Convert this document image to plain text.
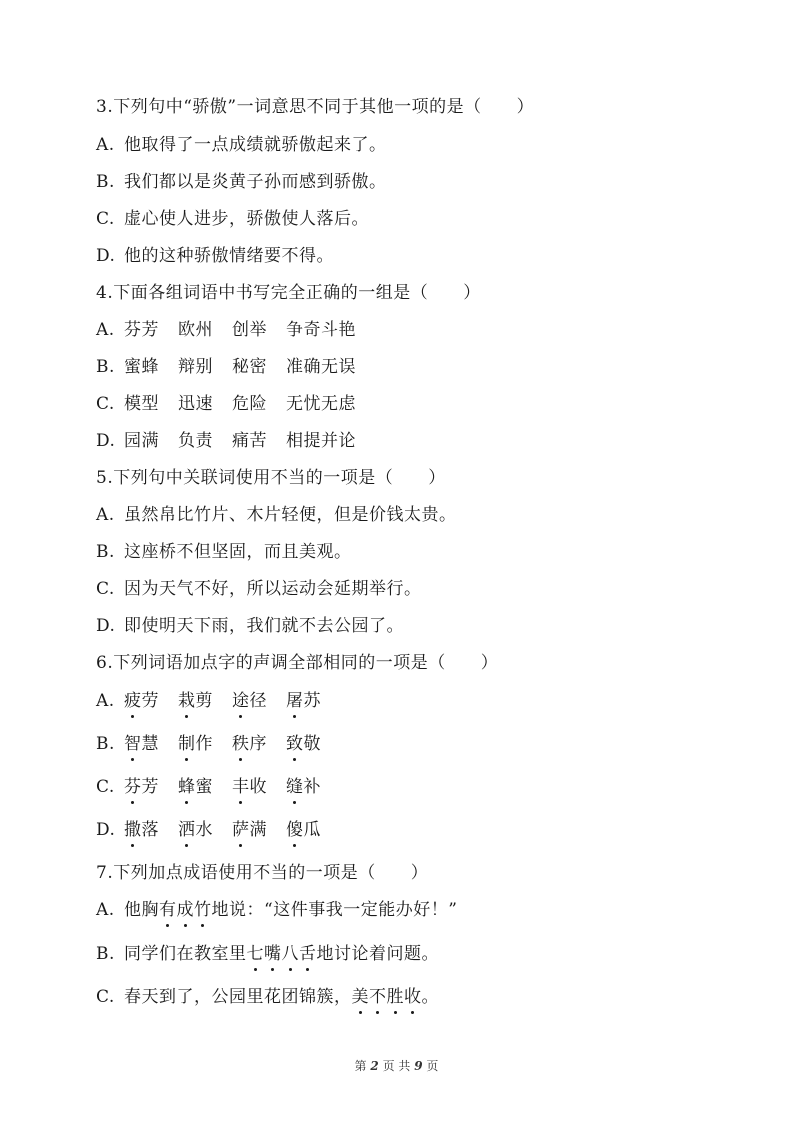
3.下列句中“骄傲”一词意思不同于其他一项的是（　　）
A. 他取得了一点成绩就骄傲起来了。
B. 我们都以是炎黄子孙而感到骄傲。
C. 虚心使人进步，骄傲使人落后。
D. 他的这种骄傲情绪要不得。
4.下面各组词语中书写完全正确的一组是（　　）
A. 芬芳 欧州 创举 争奇斗艳
B. 蜜蜂 辩别 秘密 准确无误
C. 模型 迅速 危险 无忧无虑
D. 园满 负责 痛苦 相提并论
5.下列句中关联词使用不当的一项是（　　）
A. 虽然帛比竹片、木片轻便，但是价钱太贵。
B. 这座桥不但坚固，而且美观。
C. 因为天气不好，所以运动会延期举行。
D. 即使明天下雨，我们就不去公园了。
6.下列词语加点字的声调全部相同的一项是（　　）
A. 疲劳 栽剪 途径 屠苏
B. 智慧 制作 秩序 致敬
C. 芬芳 蜂蜜 丰收 缝补
D. 撒落 洒水 萨满 傻瓜
7.下列加点成语使用不当的一项是（　　）
A. 他胸有成竹地说：“这件事我一定能办好！”
B. 同学们在教室里七嘴八舌地讨论着问题。
C. 春天到了，公园里花团锦簇，美不胜收。
第 2 页 共 9 页
